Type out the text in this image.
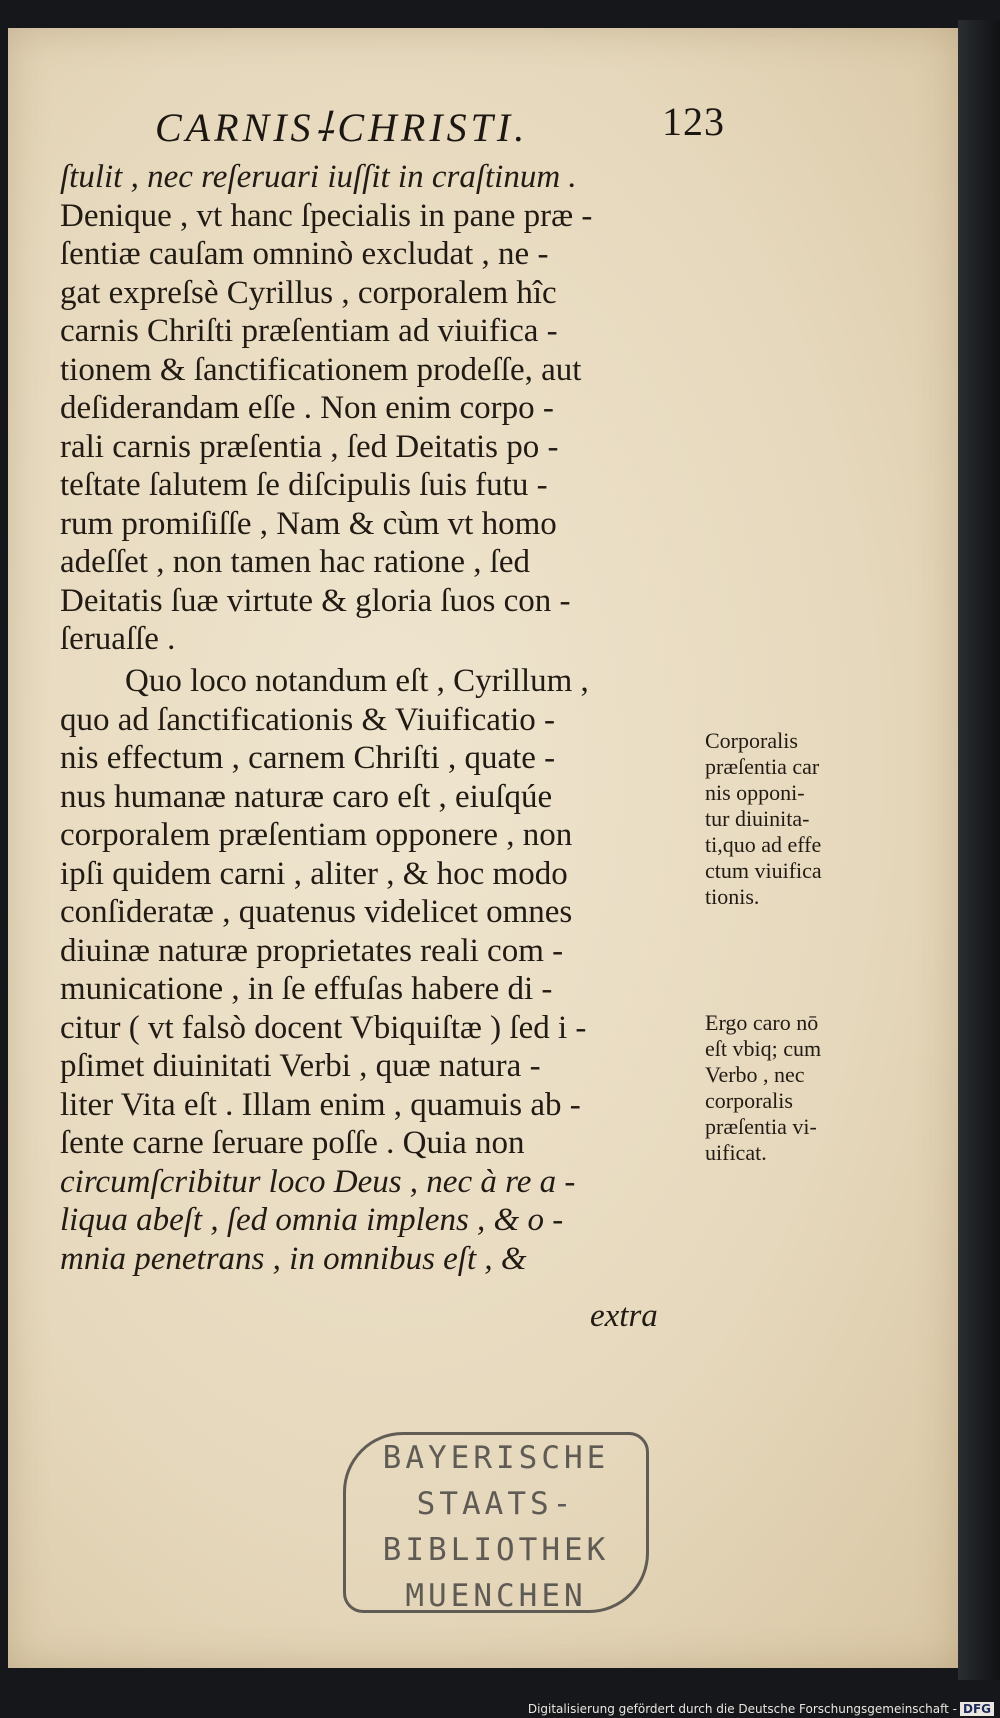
CARNIS⸸CHRISTI.	123
ſtulit , nec reſeruari iuſſit in craſtinum .
Denique , vt hanc ſpecialis in pane præ -
ſentiæ cauſam omninò excludat , ne -
gat expreſsè Cyrillus , corporalem hîc
carnis Chriſti præſentiam ad viuifica -
tionem & ſanctificationem prodeſſe, aut
deſiderandam eſſe . Non enim corpo -
rali carnis præſentia , ſed Deitatis po -
teſtate ſalutem ſe diſcipulis ſuis futu -
rum promiſiſſe , Nam & cùm vt homo
adeſſet , non tamen hac ratione , ſed
Deitatis ſuæ virtute & gloria ſuos con -
ſeruaſſe .
Quo loco notandum eſt , Cyrillum ,
quo ad ſanctificationis & Viuificatio -
nis effectum , carnem Chriſti , quate -
nus humanæ naturæ caro eſt , eiuſqúe
corporalem præſentiam opponere , non
ipſi quidem carni , aliter , & hoc modo
conſideratæ , quatenus videlicet omnes
diuinæ naturæ proprietates reali com -
municatione , in ſe effuſas habere di -
citur ( vt falsò docent Vbiquiſtæ ) ſed i -
pſimet diuinitati Verbi , quæ natura -
liter Vita eſt . Illam enim , quamuis ab -
ſente carne ſeruare poſſe . Quia non
circumſcribitur loco Deus , nec à re a -
liqua abeſt , ſed omnia implens , & o -
mnia penetrans , in omnibus eſt , &
extra
Corporalis
præſentia car
nis opponi-
tur diuinita-
ti,quo ad effe
ctum viuifica
tionis.
Ergo caro nō
eſt vbiq; cum
Verbo , nec
corporalis
præſentia vi-
uificat.
BAYERISCHE
STAATS-
BIBLIOTHEK
MUENCHEN
Digitalisierung gefördert durch die Deutsche Forschungsgemeinschaft - DFG
